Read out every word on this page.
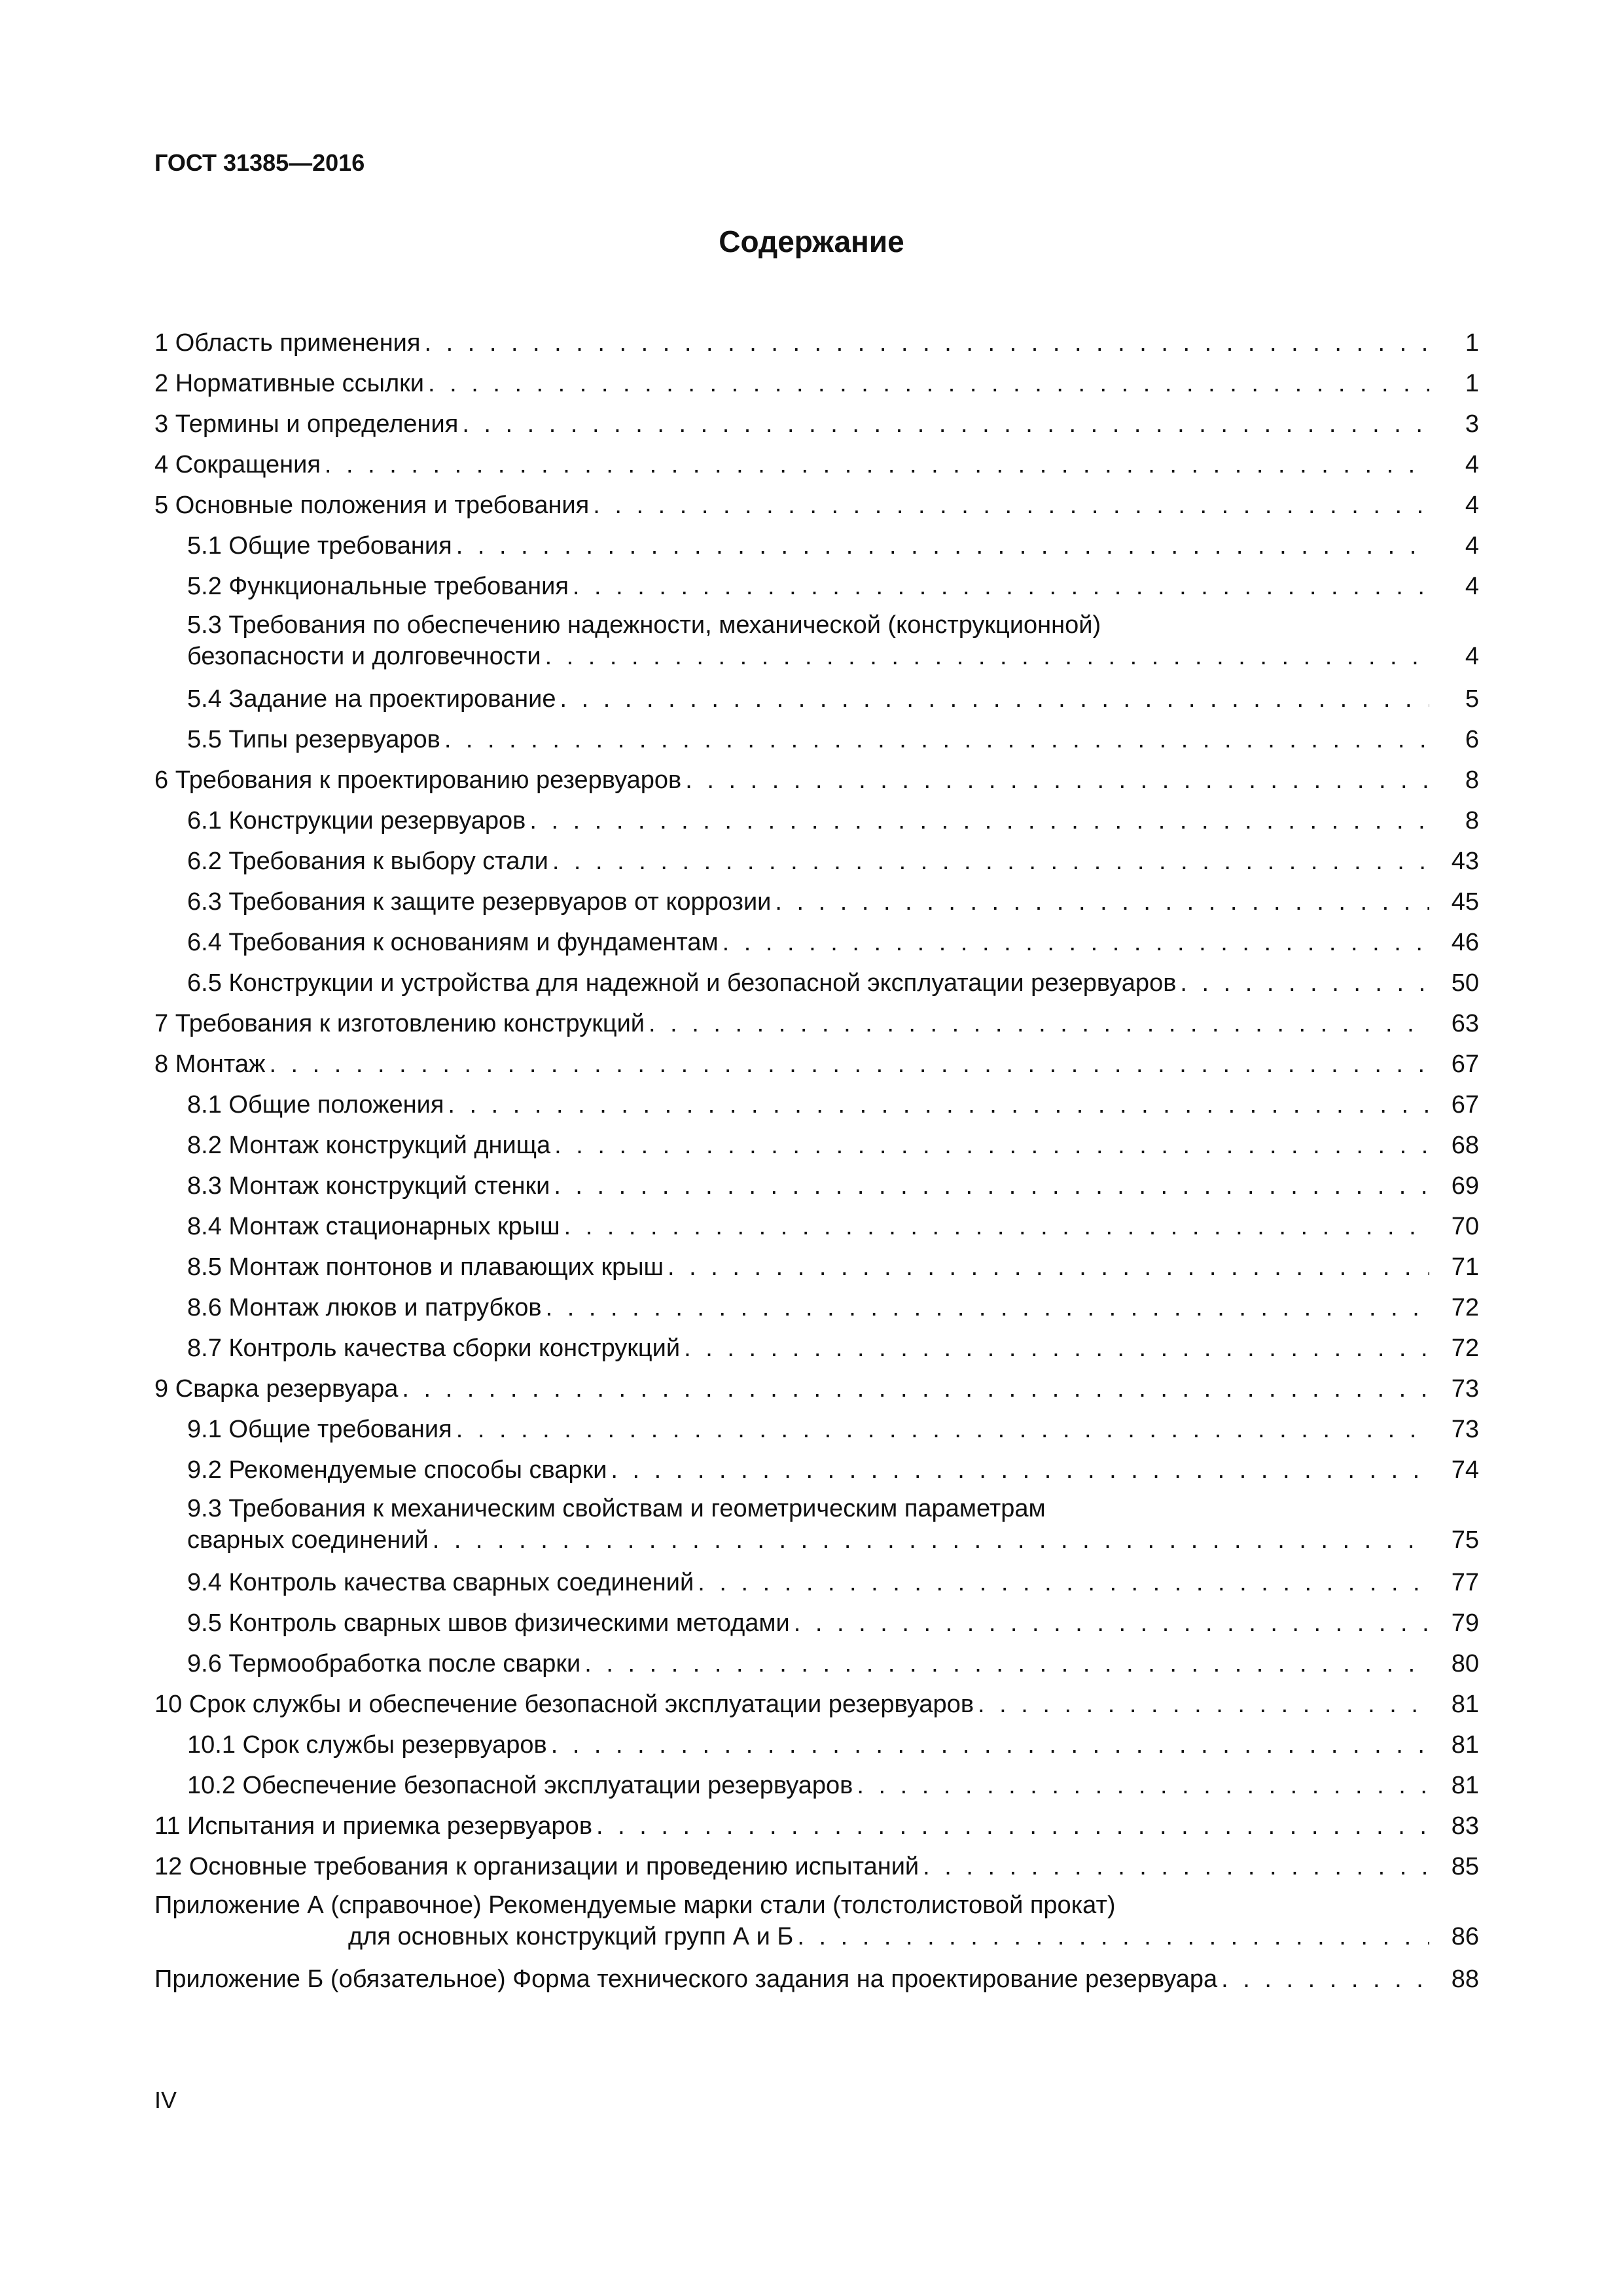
ГОСТ 31385—2016
Содержание
1 Область применения . . .	1
2 Нормативные ссылки . . .	1
3 Термины и определения . . .	3
4 Сокращения . . .	4
5 Основные положения и требования . . .	4
5.1 Общие требования . . .	4
5.2 Функциональные требования . . .	4
5.3 Требования по обеспечению надежности, механической (конструкционной)
безопасности и долговечности . . .	4
5.4 Задание на проектирование . . .	5
5.5 Типы резервуаров . . .	6
6 Требования к проектированию резервуаров . . .	8
6.1 Конструкции резервуаров . . .	8
6.2 Требования к выбору стали . . .	43
6.3 Требования к защите резервуаров от коррозии . . .	45
6.4 Требования к основаниям и фундаментам . . .	46
6.5 Конструкции и устройства для надежной и безопасной эксплуатации резервуаров . . .	50
7 Требования к изготовлению конструкций . . .	63
8 Монтаж . . .	67
8.1 Общие положения . . .	67
8.2 Монтаж конструкций днища . . .	68
8.3 Монтаж конструкций стенки . . .	69
8.4 Монтаж стационарных крыш . . .	70
8.5 Монтаж понтонов и плавающих крыш . . .	71
8.6 Монтаж люков и патрубков . . .	72
8.7 Контроль качества сборки конструкций . . .	72
9 Сварка резервуара . . .	73
9.1 Общие требования . . .	73
9.2 Рекомендуемые способы сварки . . .	74
9.3 Требования к механическим свойствам и геометрическим параметрам
сварных соединений . . .	75
9.4 Контроль качества сварных соединений . . .	77
9.5 Контроль сварных швов физическими методами . . .	79
9.6 Термообработка после сварки . . .	80
10 Срок службы и обеспечение безопасной эксплуатации резервуаров . . .	81
10.1 Срок службы резервуаров . . .	81
10.2 Обеспечение безопасной эксплуатации резервуаров . . .	81
11 Испытания и приемка резервуаров . . .	83
12 Основные требования к организации и проведению испытаний . . .	85
Приложение А (справочное) Рекомендуемые марки стали (толстолистовой прокат)
для основных конструкций групп А и Б . . .	86
Приложение Б (обязательное) Форма технического задания на проектирование резервуара . . .	88
IV
